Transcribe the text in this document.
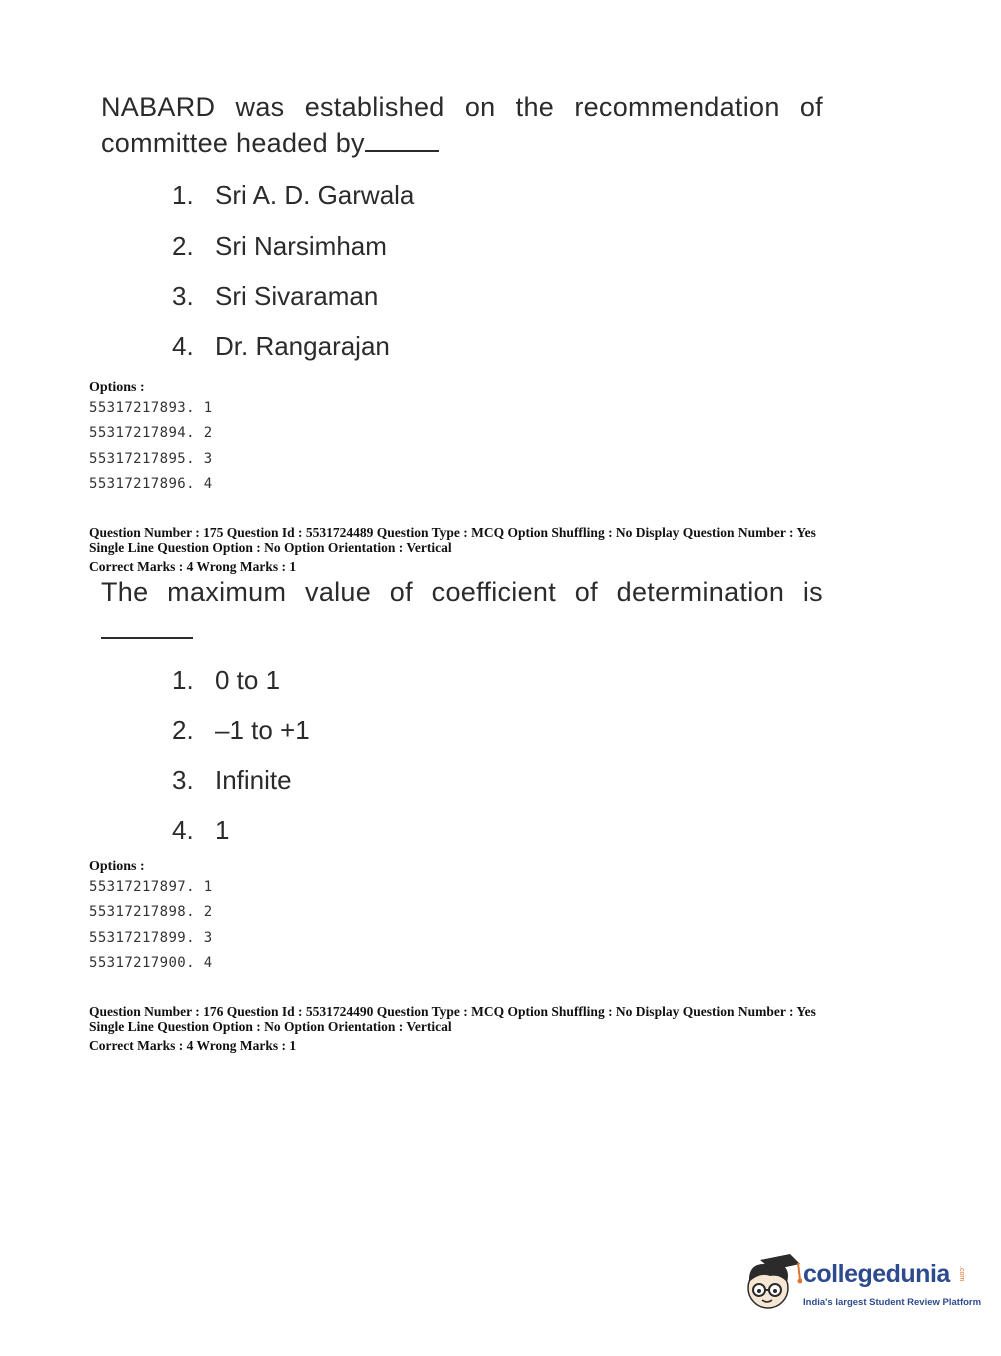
NABARD was established on the recommendation of
committee headed by
1. Sri A. D. Garwala
2. Sri Narsimham
3. Sri Sivaraman
4. Dr. Rangarajan
Options :
55317217893. 1
55317217894. 2
55317217895. 3
55317217896. 4
Question Number : 175 Question Id : 5531724489 Question Type : MCQ Option Shuffling : No Display Question Number : Yes
Single Line Question Option : No Option Orientation : Vertical
Correct Marks : 4 Wrong Marks : 1
The maximum value of coefficient of determination is
1. 0 to 1
2. –1 to +1
3. Infinite
4. 1
Options :
55317217897. 1
55317217898. 2
55317217899. 3
55317217900. 4
Question Number : 176 Question Id : 5531724490 Question Type : MCQ Option Shuffling : No Display Question Number : Yes
Single Line Question Option : No Option Orientation : Vertical
Correct Marks : 4 Wrong Marks : 1
collegedunia .com
India's largest Student Review Platform
